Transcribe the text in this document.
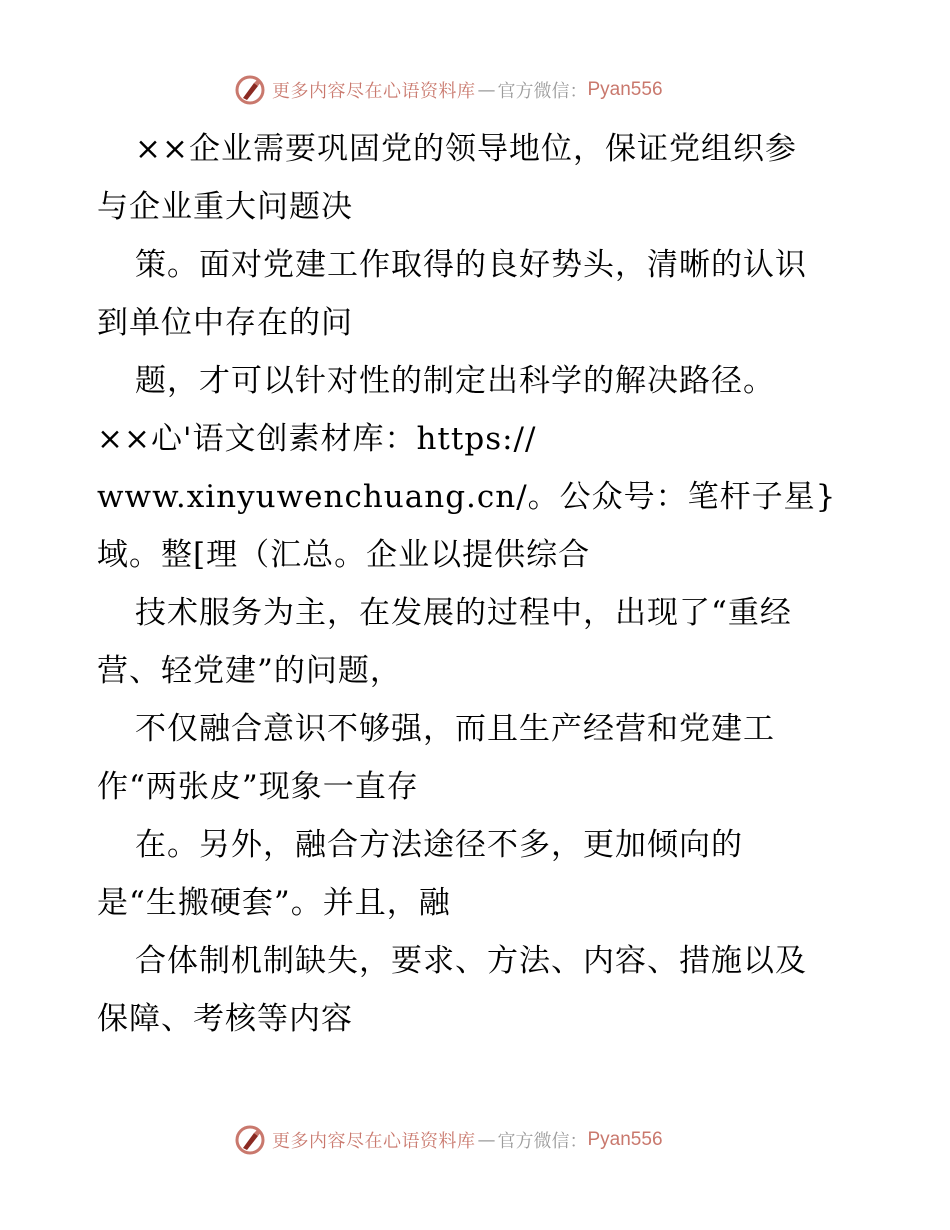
更多内容尽在心语资料库 — 官方微信： Pyan556
××企业需要巩固党的领导地位，保证党组织参
与企业重大问题决
策。面对党建工作取得的良好势头，清晰的认识
到单位中存在的问
题，才可以针对性的制定出科学的解决路径。
××心'语文创素材库：https://
www.xinyuwenchuang.cn/。公众号：笔杆子星}
域。整[理（汇总。企业以提供综合
技术服务为主，在发展的过程中，出现了“重经
营、轻党建”的问题，
不仅融合意识不够强，而且生产经营和党建工
作“两张皮”现象一直存
在。另外，融合方法途径不多，更加倾向的
是“生搬硬套”。并且，融
合体制机制缺失，要求、方法、内容、措施以及
保障、考核等内容
更多内容尽在心语资料库 — 官方微信： Pyan556
